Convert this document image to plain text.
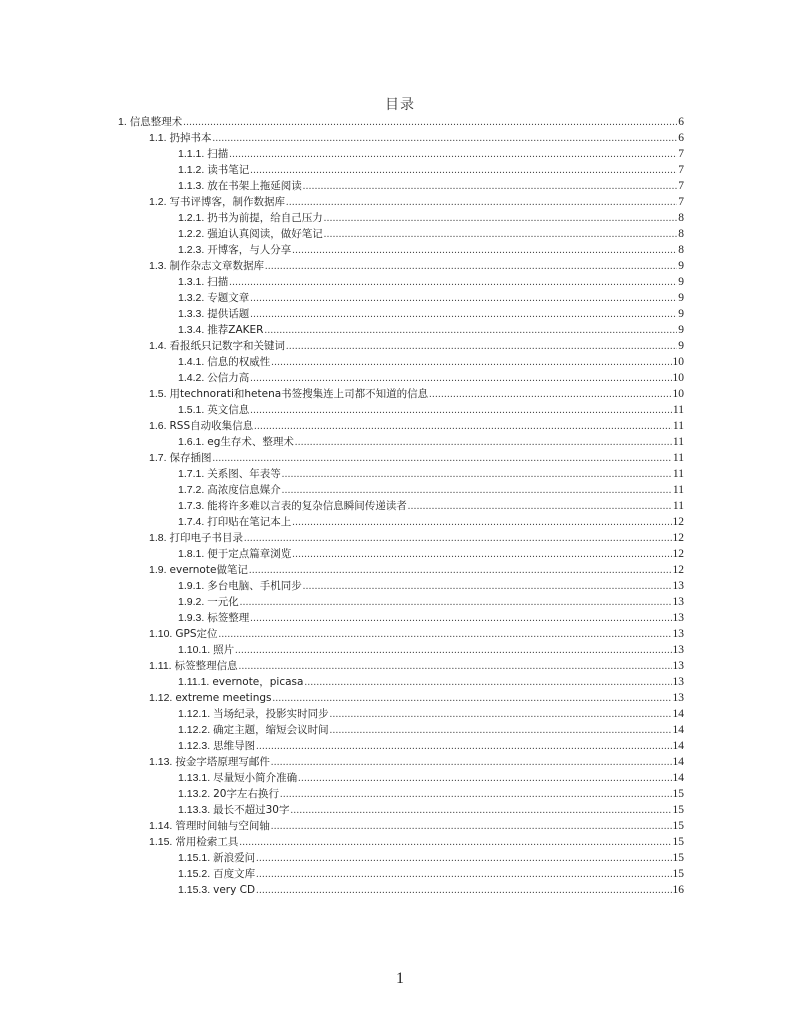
目录
1. 信息整理术 .....	6
1.1. 扔掉书本 .....	6
1.1.1. 扫描 .....	7
1.1.2. 读书笔记 .....	7
1.1.3. 放在书架上拖延阅读 .....	7
1.2. 写书评博客，制作数据库 .....	7
1.2.1. 扔书为前提，给自己压力 .....	8
1.2.2. 强迫认真阅读，做好笔记 .....	8
1.2.3. 开博客，与人分享 .....	8
1.3. 制作杂志文章数据库 .....	9
1.3.1. 扫描 .....	9
1.3.2. 专题文章 .....	9
1.3.3. 提供话题 .....	9
1.3.4. 推荐ZAKER .....	9
1.4. 看报纸只记数字和关键词 .....	9
1.4.1. 信息的权威性 .....	10
1.4.2. 公信力高 .....	10
1.5. 用technorati和hetena书签搜集连上司都不知道的信息 .....	10
1.5.1. 英文信息 .....	11
1.6. RSS自动收集信息 .....	11
1.6.1. eg生存术、整理术 .....	11
1.7. 保存插图 .....	11
1.7.1. 关系图、年表等 .....	11
1.7.2. 高浓度信息媒介 .....	11
1.7.3. 能将许多难以言表的复杂信息瞬间传递读者 .....	11
1.7.4. 打印贴在笔记本上 .....	12
1.8. 打印电子书目录 .....	12
1.8.1. 便于定点篇章浏览 .....	12
1.9. evernote做笔记 .....	12
1.9.1. 多台电脑、手机同步 .....	13
1.9.2. 一元化 .....	13
1.9.3. 标签整理 .....	13
1.10. GPS定位 .....	13
1.10.1. 照片 .....	13
1.11. 标签整理信息 .....	13
1.11.1. evernote，picasa .....	13
1.12. extreme meetings .....	13
1.12.1. 当场纪录，投影实时同步 .....	14
1.12.2. 确定主题，缩短会议时间 .....	14
1.12.3. 思维导图 .....	14
1.13. 按金字塔原理写邮件 .....	14
1.13.1. 尽量短小简介准确 .....	14
1.13.2. 20字左右换行 .....	15
1.13.3. 最长不超过30字 .....	15
1.14. 管理时间轴与空间轴 .....	15
1.15. 常用检索工具 .....	15
1.15.1. 新浪爱问 .....	15
1.15.2. 百度文库 .....	15
1.15.3. very CD .....	16
1
